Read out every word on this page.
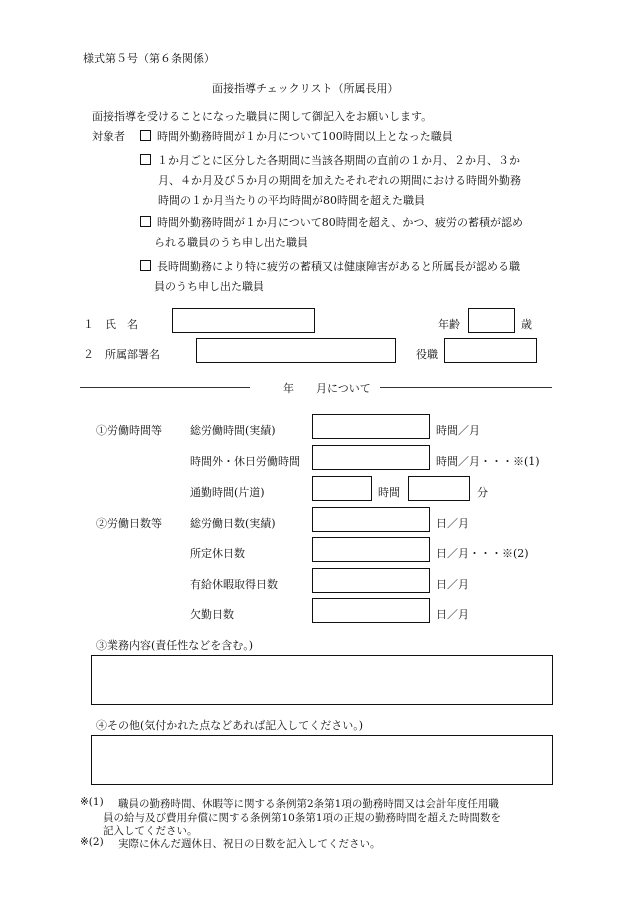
様式第５号（第６条関係）
面接指導チェックリスト（所属長用）
面接指導を受けることになった職員に関して御記入をお願いします。
対象者	時間外勤務時間が１か月について100時間以上となった職員
１か月ごとに区分した各期間に当該各期間の直前の１か月、２か月、３か
月、４か月及び５か月の期間を加えたそれぞれの期間における時間外勤務
時間の１か月当たりの平均時間が80時間を超えた職員
時間外勤務時間が１か月について80時間を超え、かつ、疲労の蓄積が認め
られる職員のうち申し出た職員
長時間勤務により特に疲労の蓄積又は健康障害があると所属長が認める職
員のうち申し出た職員
１　氏　名	年齢	歳
２　所属部署名	役職
年 月について
①労働時間等	総労働時間(実績)	時間／月
時間外・休日労働時間	時間／月・・・※(1)
通勤時間(片道)	時間	分
②労働日数等	総労働日数(実績)	日／月
所定休日数	日／月・・・※(2)
有給休暇取得日数	日／月
欠勤日数	日／月
③業務内容(責任性などを含む。)
④その他(気付かれた点などあれば記入してください。)
※(1) 職員の勤務時間、休暇等に関する条例第2条第1項の勤務時間又は会計年度任用職
員の給与及び費用弁償に関する条例第10条第1項の正規の勤務時間を超えた時間数を
記入してください。
※(2) 実際に休んだ週休日、祝日の日数を記入してください。
